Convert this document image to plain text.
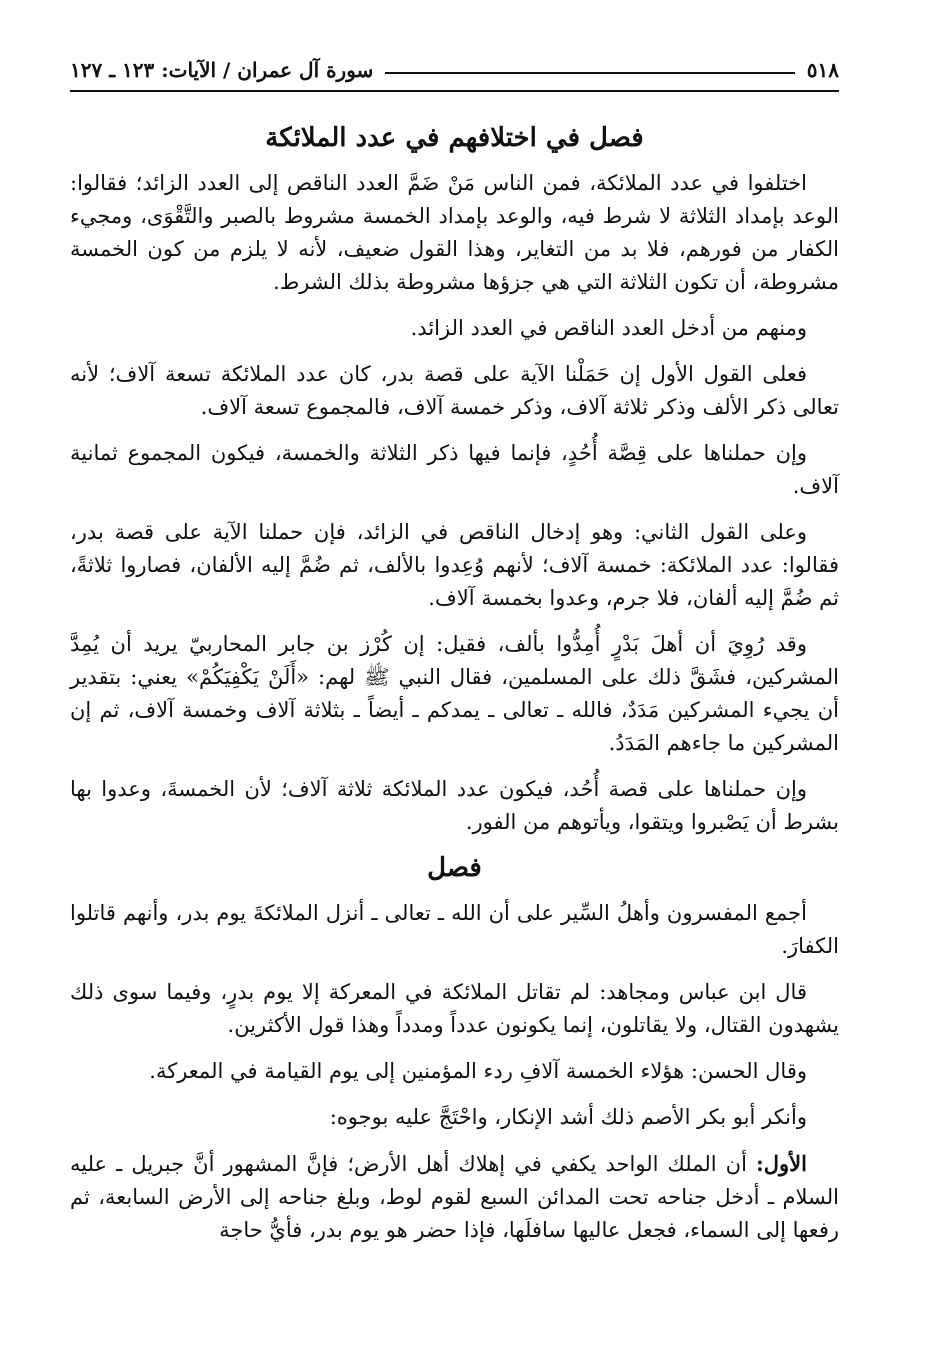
٥١٨
سورة آل عمران / الآيات: ١٢٣ ـ ١٢٧
فصل في اختلافهم في عدد الملائكة

اختلفوا في عدد الملائكة، فمن الناس مَنْ ضَمَّ العدد الناقص إلى العدد الزائد؛ فقالوا: الوعد بإمداد الثلاثة لا شرط فيه، والوعد بإمداد الخمسة مشروط بالصبر والتَّقْوَى، ومجيء الكفار من فورهم، فلا بد من التغاير، وهذا القول ضعيف، لأنه لا يلزم من كون الخمسة مشروطة، أن تكون الثلاثة التي هي جزؤها مشروطة بذلك الشرط.

ومنهم من أدخل العدد الناقص في العدد الزائد.

فعلى القول الأول إن حَمَلْنا الآية على قصة بدر، كان عدد الملائكة تسعة آلاف؛ لأنه تعالى ذكر الألف وذكر ثلاثة آلاف، وذكر خمسة آلاف، فالمجموع تسعة آلاف.

وإن حملناها على قِصَّة أُحُدٍ، فإنما فيها ذكر الثلاثة والخمسة، فيكون المجموع ثمانية آلاف.

وعلى القول الثاني: وهو إدخال الناقص في الزائد، فإن حملنا الآية على قصة بدر، فقالوا: عدد الملائكة: خمسة آلاف؛ لأنهم وُعِدوا بالألف، ثم ضُمَّ إليه الألفان، فصاروا ثلاثةً، ثم ضُمَّ إليه ألفان، فلا جرم، وعدوا بخمسة آلاف.

وقد رُوِيَ أن أهلَ بَدْرٍ أُمِدُّوا بألف، فقيل: إن كُرْز بن جابر المحاربيّ يريد أن يُمِدَّ المشركين، فشَقَّ ذلك على المسلمين، فقال النبي ﷺ لهم: «أَلَنْ يَكْفِيَكُمْ» يعني: بتقدير أن يجيء المشركين مَدَدٌ، فالله ـ تعالى ـ يمدكم ـ أيضاً ـ بثلاثة آلاف وخمسة آلاف، ثم إن المشركين ما جاءهم المَدَدُ.

وإن حملناها على قصة أُحُد، فيكون عدد الملائكة ثلاثة آلاف؛ لأن الخمسةَ، وعدوا بها بشرط أن يَصْبروا ويتقوا، ويأتوهم من الفور.

فصل

أجمع المفسرون وأهلُ السِّير على أن الله ـ تعالى ـ أنزل الملائكةَ يوم بدر، وأنهم قاتلوا الكفارَ.

قال ابن عباس ومجاهد: لم تقاتل الملائكة في المعركة إلا يوم بدرٍ، وفيما سوى ذلك يشهدون القتال، ولا يقاتلون، إنما يكونون عدداً ومدداً وهذا قول الأكثرين.

وقال الحسن: هؤلاء الخمسة آلافِ ردء المؤمنين إلى يوم القيامة في المعركة.

وأنكر أبو بكر الأصم ذلك أشد الإنكار، واحْتَجَّ عليه بوجوه:

الأول: أن الملك الواحد يكفي في إهلاك أهل الأرض؛ فإنَّ المشهور أنَّ جبريل ـ عليه السلام ـ أدخل جناحه تحت المدائن السبع لقوم لوط، وبلغ جناحه إلى الأرض السابعة، ثم رفعها إلى السماء، فجعل عاليها سافلَها، فإذا حضر هو يوم بدر، فأيُّ حاجة
